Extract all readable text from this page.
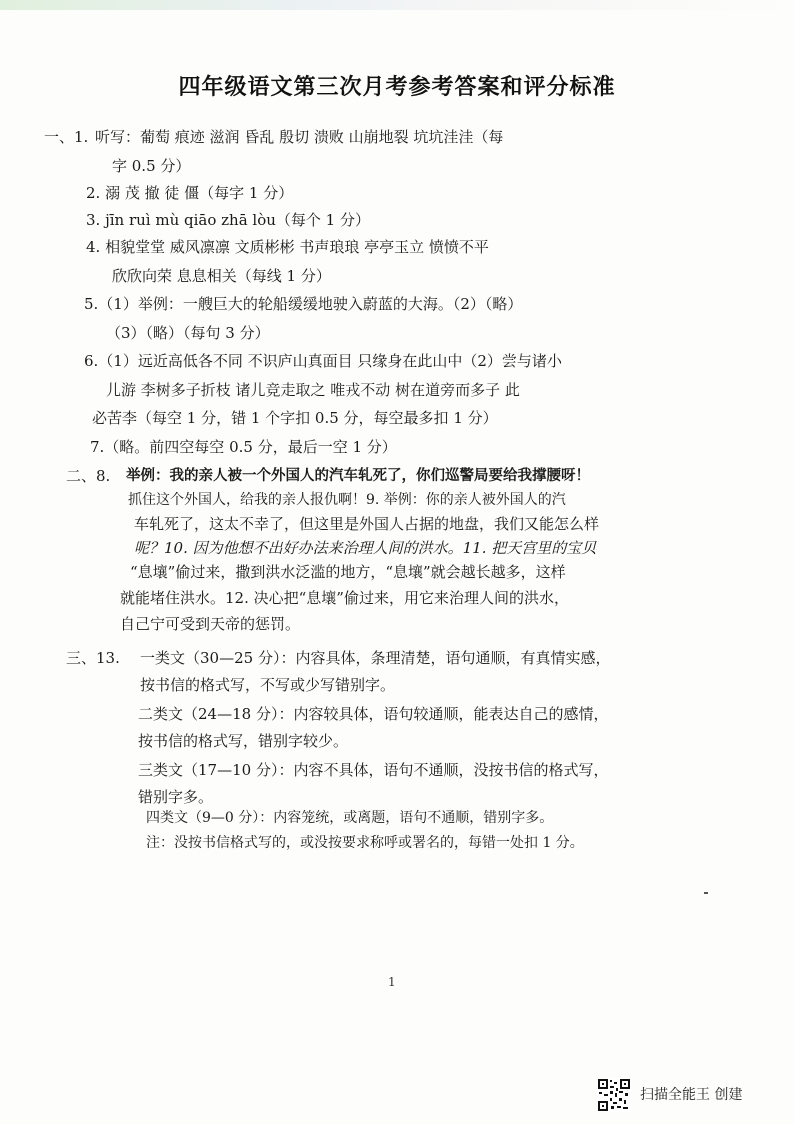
四年级语文第三次月考参考答案和评分标准
一、1. 听写：葡萄 痕迹 滋润 昏乱 殷切 溃败 山崩地裂 坑坑洼洼（每
字 0.5 分）
2. 溺 茂 撤 徒 僵（每字 1 分）
3. jīn ruì mù qiāo zhā lòu（每个 1 分）
4. 相貌堂堂 威风凛凛 文质彬彬 书声琅琅 亭亭玉立 愤愤不平
欣欣向荣 息息相关（每线 1 分）
5.（1）举例：一艘巨大的轮船缓缓地驶入蔚蓝的大海。（2）（略）
（3）（略）（每句 3 分）
6.（1）远近高低各不同 不识庐山真面目 只缘身在此山中（2）尝与诸小
儿游 李树多子折枝 诸儿竞走取之 唯戎不动 树在道旁而多子 此
必苦李（每空 1 分，错 1 个字扣 0.5 分，每空最多扣 1 分）
7.（略。前四空每空 0.5 分，最后一空 1 分）
二、8. 举例：我的亲人被一个外国人的汽车轧死了，你们巡警局要给我撑腰呀！
抓住这个外国人，给我的亲人报仇啊！9. 举例：你的亲人被外国人的汽
车轧死了，这太不幸了，但这里是外国人占据的地盘，我们又能怎么样
呢？10. 因为他想不出好办法来治理人间的洪水。11. 把天宫里的宝贝
“息壤”偷过来，撒到洪水泛滥的地方，“息壤”就会越长越多，这样
就能堵住洪水。12. 决心把“息壤”偷过来，用它来治理人间的洪水，
自己宁可受到天帝的惩罚。
三、13. 一类文（30—25 分）：内容具体，条理清楚，语句通顺，有真情实感，
按书信的格式写，不写或少写错别字。
二类文（24—18 分）：内容较具体，语句较通顺，能表达自己的感情，
按书信的格式写，错别字较少。
三类文（17—10 分）：内容不具体，语句不通顺，没按书信的格式写，
错别字多。
四类文（9—0 分）：内容笼统，或离题，语句不通顺，错别字多。
注：没按书信格式写的，或没按要求称呼或署名的，每错一处扣 1 分。
1
扫描全能王 创建
